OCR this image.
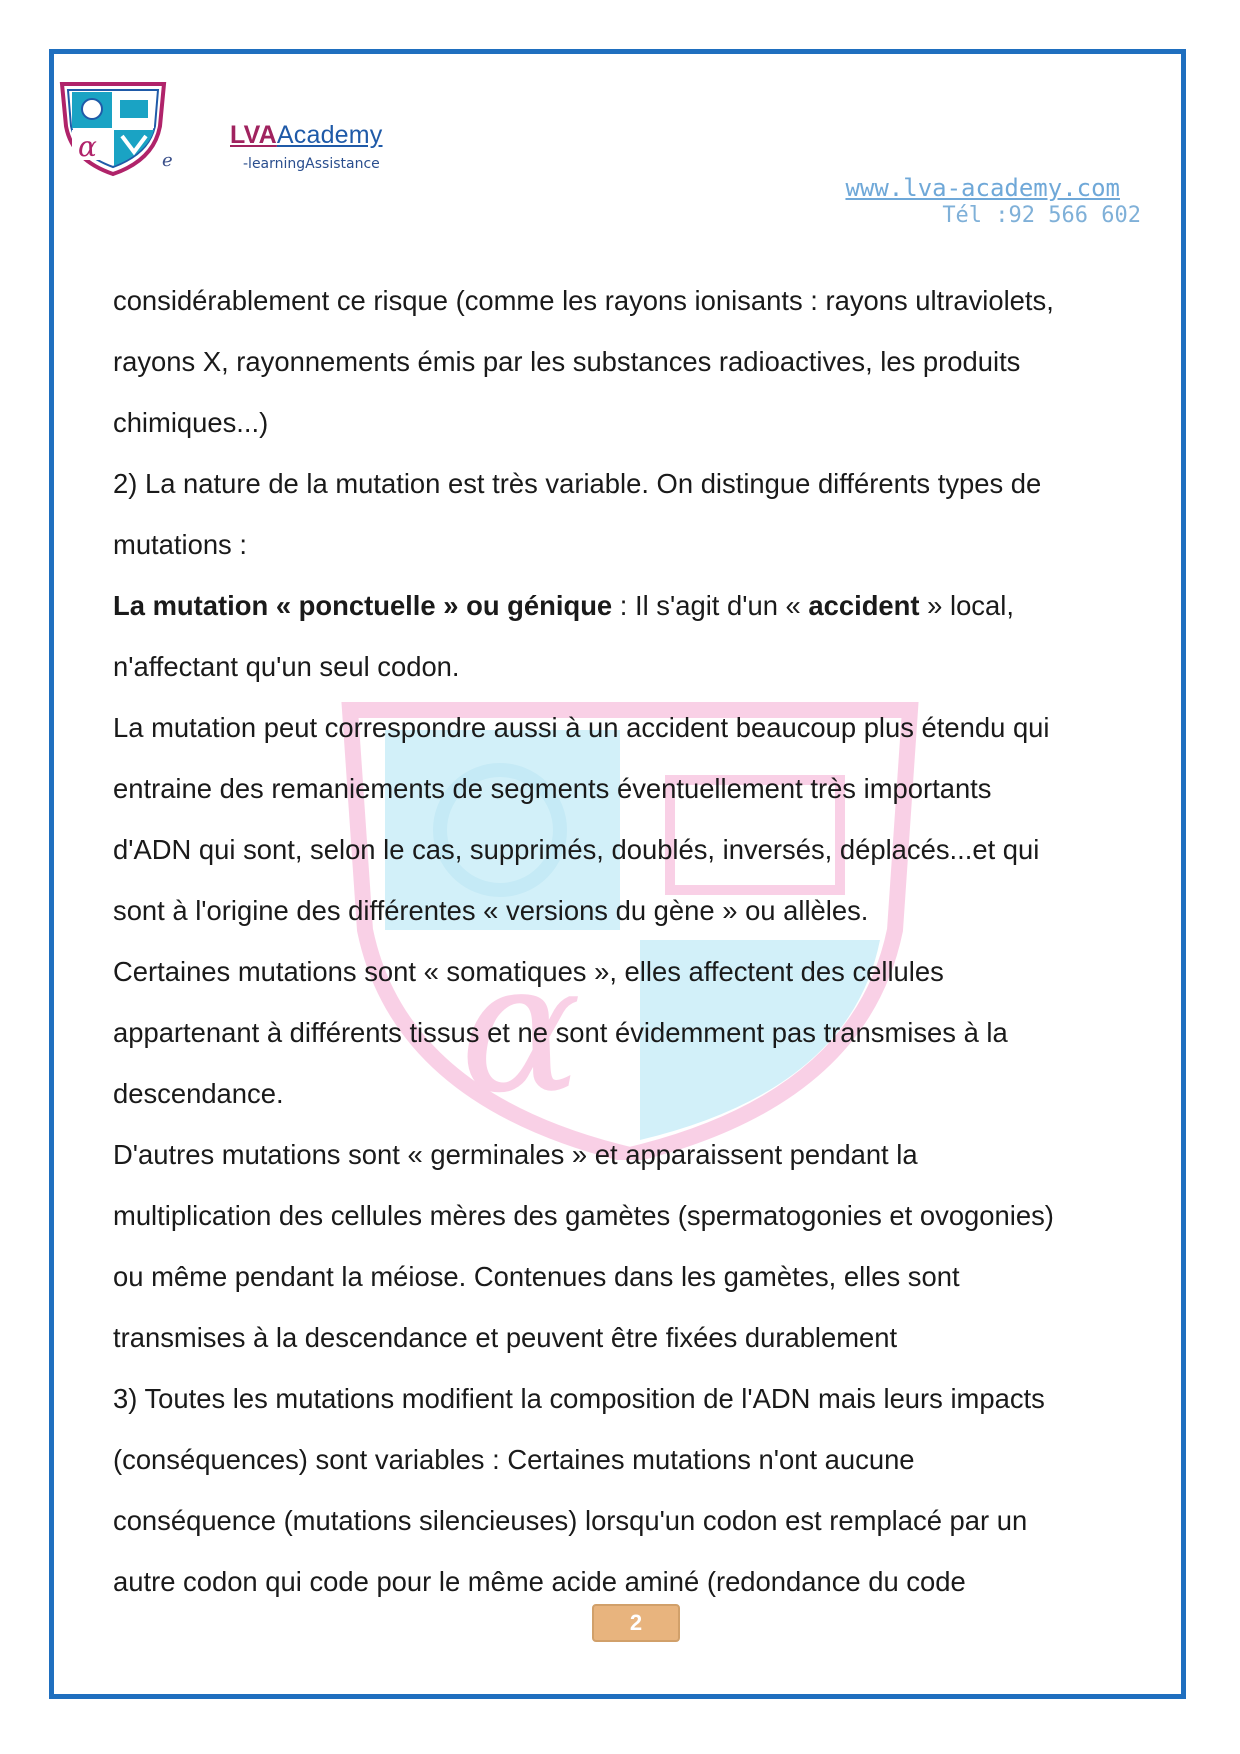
α	e
LVAAcademy
-learningAssistance
www.lva-academy.com
Tél :92 566 602
α
considérablement ce risque (comme les rayons ionisants : rayons ultraviolets,
rayons X, rayonnements émis par les substances radioactives, les produits
chimiques...)
2) La nature de la mutation est très variable. On distingue différents types de
mutations :
La mutation « ponctuelle » ou génique : Il s'agit d'un « accident » local,
n'affectant qu'un seul codon.
La mutation peut correspondre aussi à un accident beaucoup plus étendu qui
entraine des remaniements de segments éventuellement très importants
d'ADN qui sont, selon le cas, supprimés, doublés, inversés, déplacés...et qui
sont à l'origine des différentes « versions du gène » ou allèles.
Certaines mutations sont « somatiques », elles affectent des cellules
appartenant à différents tissus et ne sont évidemment pas transmises à la
descendance.
D'autres mutations sont « germinales » et apparaissent pendant la
multiplication des cellules mères des gamètes (spermatogonies et ovogonies)
ou même pendant la méiose. Contenues dans les gamètes, elles sont
transmises à la descendance et peuvent être fixées durablement
3) Toutes les mutations modifient la composition de l'ADN mais leurs impacts
(conséquences) sont variables : Certaines mutations n'ont aucune
conséquence (mutations silencieuses) lorsqu'un codon est remplacé par un
autre codon qui code pour le même acide aminé (redondance du code
2
